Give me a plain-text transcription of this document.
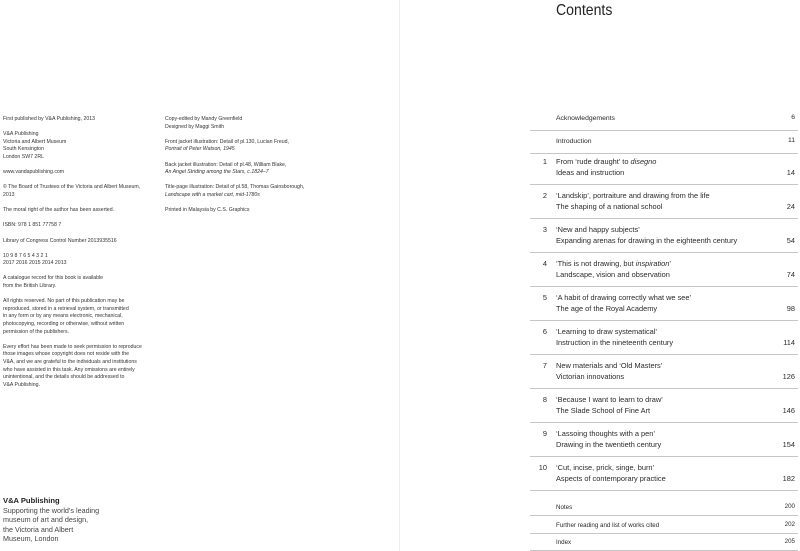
First published by V&A Publishing, 2013

V&A Publishing

Victoria and Albert Museum

South Kensington

London SW7 2RL

www.vandapublishing.com

© The Board of Trustees of the Victoria and Albert Museum,

2013

The moral right of the author has been asserted.

ISBN: 978 1 851 77758 7

Library of Congress Control Number 2013935516

10 9 8 7 6 5 4 3 2 1

2017 2016 2015 2014 2013

A catalogue record for this book is available

from the British Library.

All rights reserved. No part of this publication may be

reproduced, stored in a retrieval system, or transmitted

in any form or by any means electronic, mechanical,

photocopying, recording or otherwise, without written

permission of the publishers.

Every effort has been made to seek permission to reproduce

those images whose copyright does not reside with the

V&A, and we are grateful to the individuals and institutions

who have assisted in this task. Any omissions are entirely

unintentional, and the details should be addressed to

V&A Publishing.

Copy-edited by Mandy Greenfield

Designed by Maggi Smith

Front jacket illustration: Detail of pl.130, Lucian Freud,

Portrait of Peter Watson, 1945

Back jacket illustration: Detail of pl.48, William Blake,

An Angel Striding among the Stars, c.1824–7

Title-page illustration: Detail of pl.58, Thomas Gainsborough,

Landscape with a market cart, mid-1780s

Printed in Malaysia by C.S. Graphics

V&A Publishing
Supporting the world’s leading
museum of art and design,
the Victoria and Albert
Museum, London
Contents
Acknowledgements	6
Introduction	11
1 From ‘rude draught’ to disegno
Ideas and instruction	14
2 ‘Landskip’, portraiture and drawing from the life
The shaping of a national school	24
3 ‘New and happy subjects’
Expanding arenas for drawing in the eighteenth century	54
4 ‘This is not drawing, but inspiration’
Landscape, vision and observation	74
5 ‘A habit of drawing correctly what we see’
The age of the Royal Academy	98
6 ‘Learning to draw systematical’
Instruction in the nineteenth century	114
7 New materials and ‘Old Masters’
Victorian innovations	126
8 ‘Because I want to learn to draw’
The Slade School of Fine Art	146
9 ‘Lassoing thoughts with a pen’
Drawing in the twentieth century	154
10 ‘Cut, incise, prick, singe, burn’
Aspects of contemporary practice	182
Notes	200
Further reading and list of works cited	202
Index	205
